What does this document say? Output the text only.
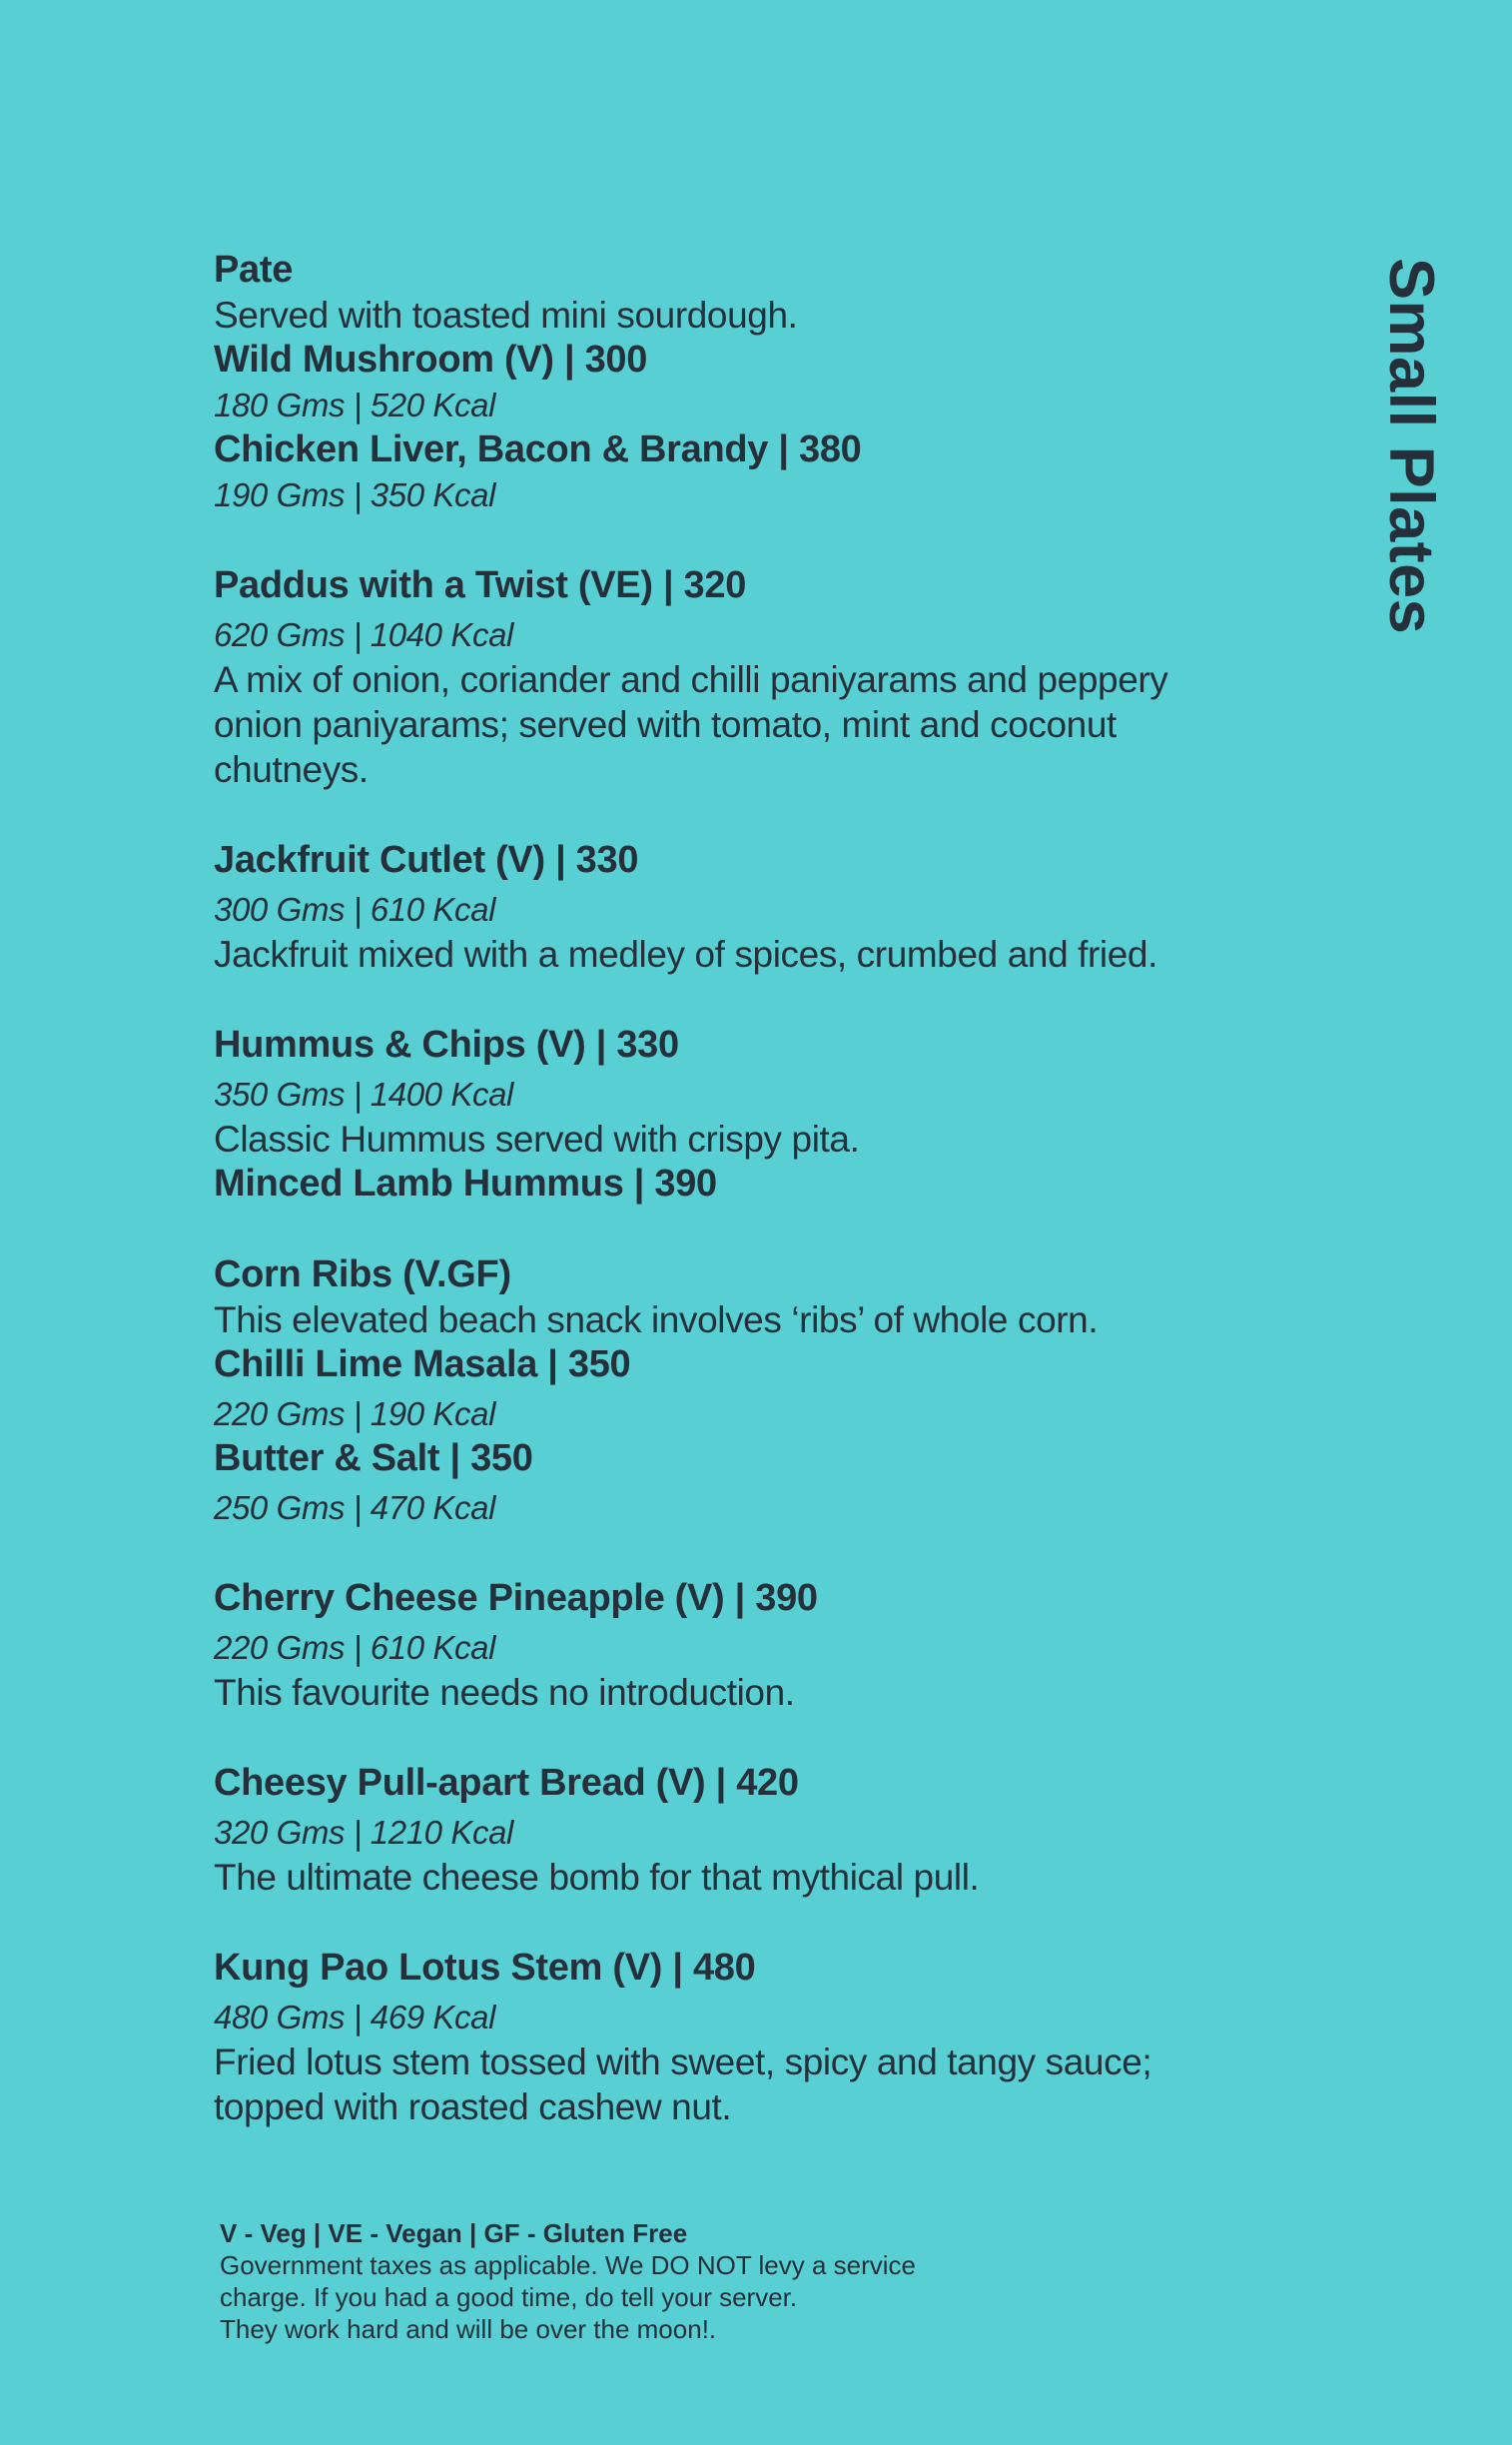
Small Plates
Pate
Served with toasted mini sourdough.
Wild Mushroom (V) | 300
180 Gms | 520 Kcal
Chicken Liver, Bacon & Brandy | 380
190 Gms | 350 Kcal
Paddus with a Twist (VE) | 320
620 Gms | 1040 Kcal
A mix of onion, coriander and chilli paniyarams and peppery
onion paniyarams; served with tomato, mint and coconut
chutneys.
Jackfruit Cutlet (V) | 330
300 Gms | 610 Kcal
Jackfruit mixed with a medley of spices, crumbed and fried.
Hummus & Chips (V) | 330
350 Gms | 1400 Kcal
Classic Hummus served with crispy pita.
Minced Lamb Hummus | 390
Corn Ribs (V.GF)
This elevated beach snack involves ‘ribs’ of whole corn.
Chilli Lime Masala | 350
220 Gms | 190 Kcal
Butter & Salt | 350
250 Gms | 470 Kcal
Cherry Cheese Pineapple (V) | 390
220 Gms | 610 Kcal
This favourite needs no introduction.
Cheesy Pull-apart Bread (V) | 420
320 Gms | 1210 Kcal
The ultimate cheese bomb for that mythical pull.
Kung Pao Lotus Stem (V) | 480
480 Gms | 469 Kcal
Fried lotus stem tossed with sweet, spicy and tangy sauce;
topped with roasted cashew nut.
V - Veg | VE - Vegan | GF - Gluten Free
Government taxes as applicable. We DO NOT levy a service
charge. If you had a good time, do tell your server.
They work hard and will be over the moon!.
